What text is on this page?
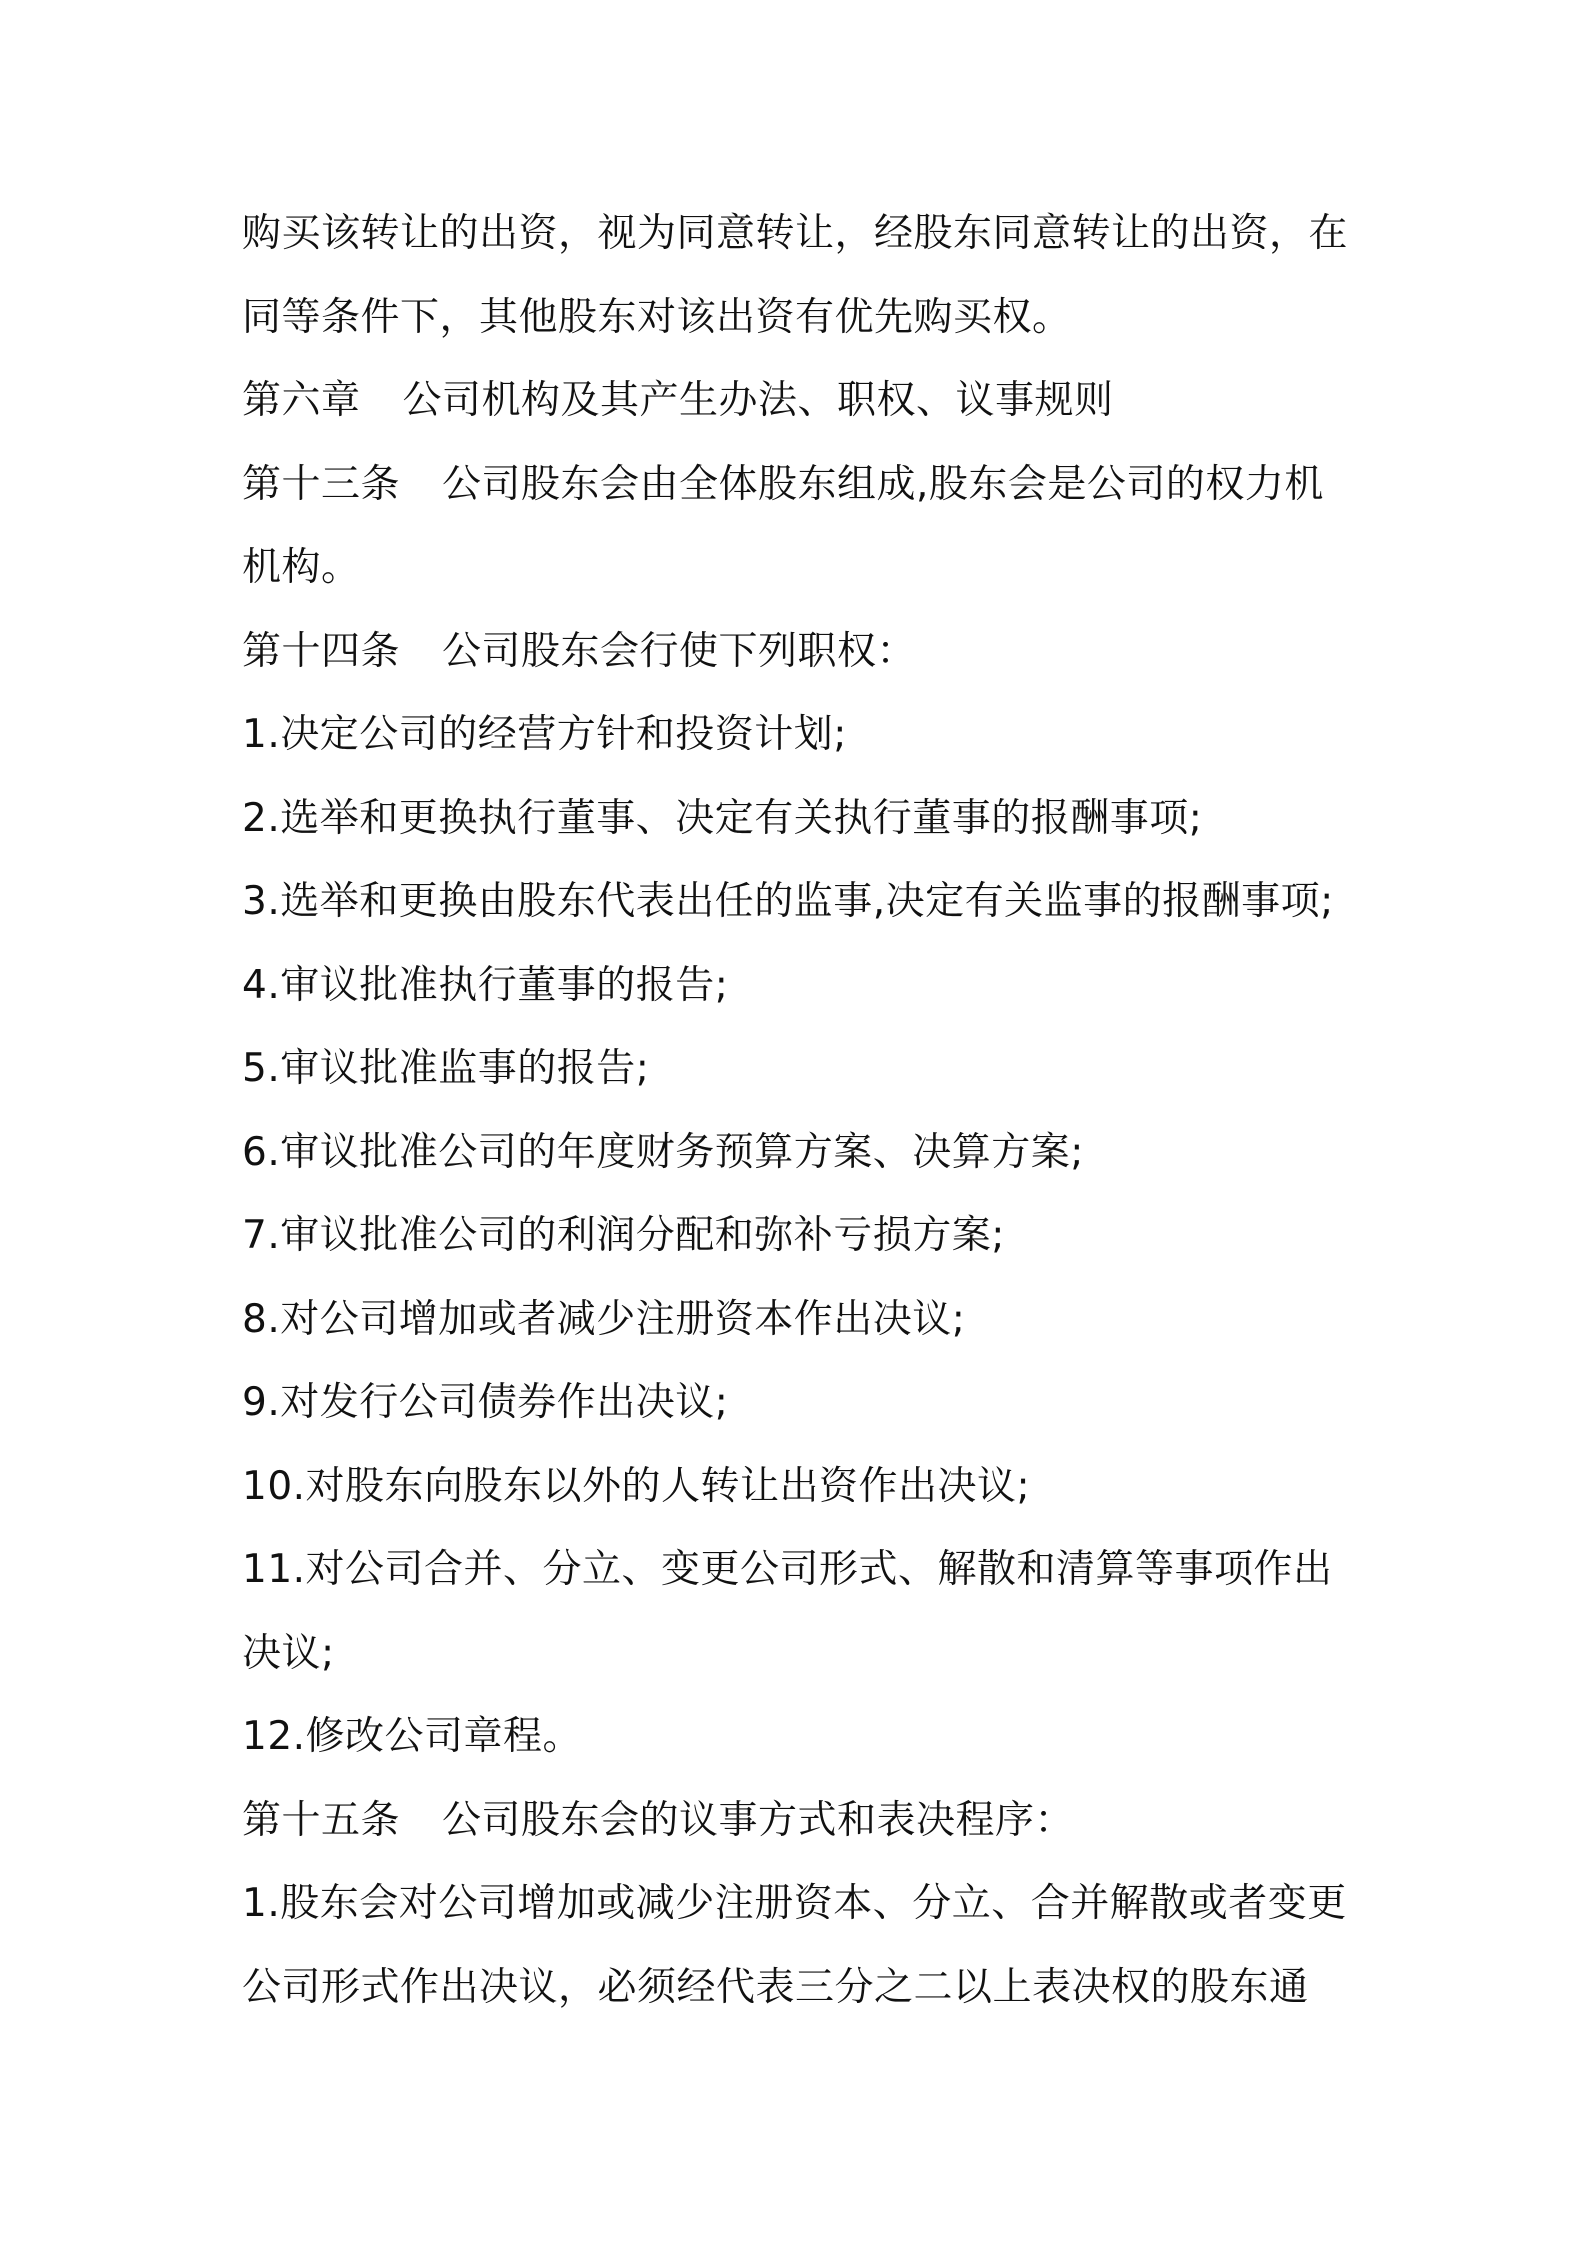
购买该转让的出资，视为同意转让，经股东同意转让的出资，在
同等条件下，其他股东对该出资有优先购买权。
第六章 公司机构及其产生办法、职权、议事规则
第十三条 公司股东会由全体股东组成,股东会是公司的权力机
机构。
第十四条 公司股东会行使下列职权：
1.决定公司的经营方针和投资计划;
2.选举和更换执行董事、决定有关执行董事的报酬事项;
3.选举和更换由股东代表出任的监事,决定有关监事的报酬事项;
4.审议批准执行董事的报告;
5.审议批准监事的报告;
6.审议批准公司的年度财务预算方案、决算方案;
7.审议批准公司的利润分配和弥补亏损方案;
8.对公司增加或者减少注册资本作出决议;
9.对发行公司债券作出决议;
10.对股东向股东以外的人转让出资作出决议;
11.对公司合并、分立、变更公司形式、解散和清算等事项作出
决议;
12.修改公司章程。
第十五条 公司股东会的议事方式和表决程序：
1.股东会对公司增加或减少注册资本、分立、合并解散或者变更
公司形式作出决议，必须经代表三分之二以上表决权的股东通
